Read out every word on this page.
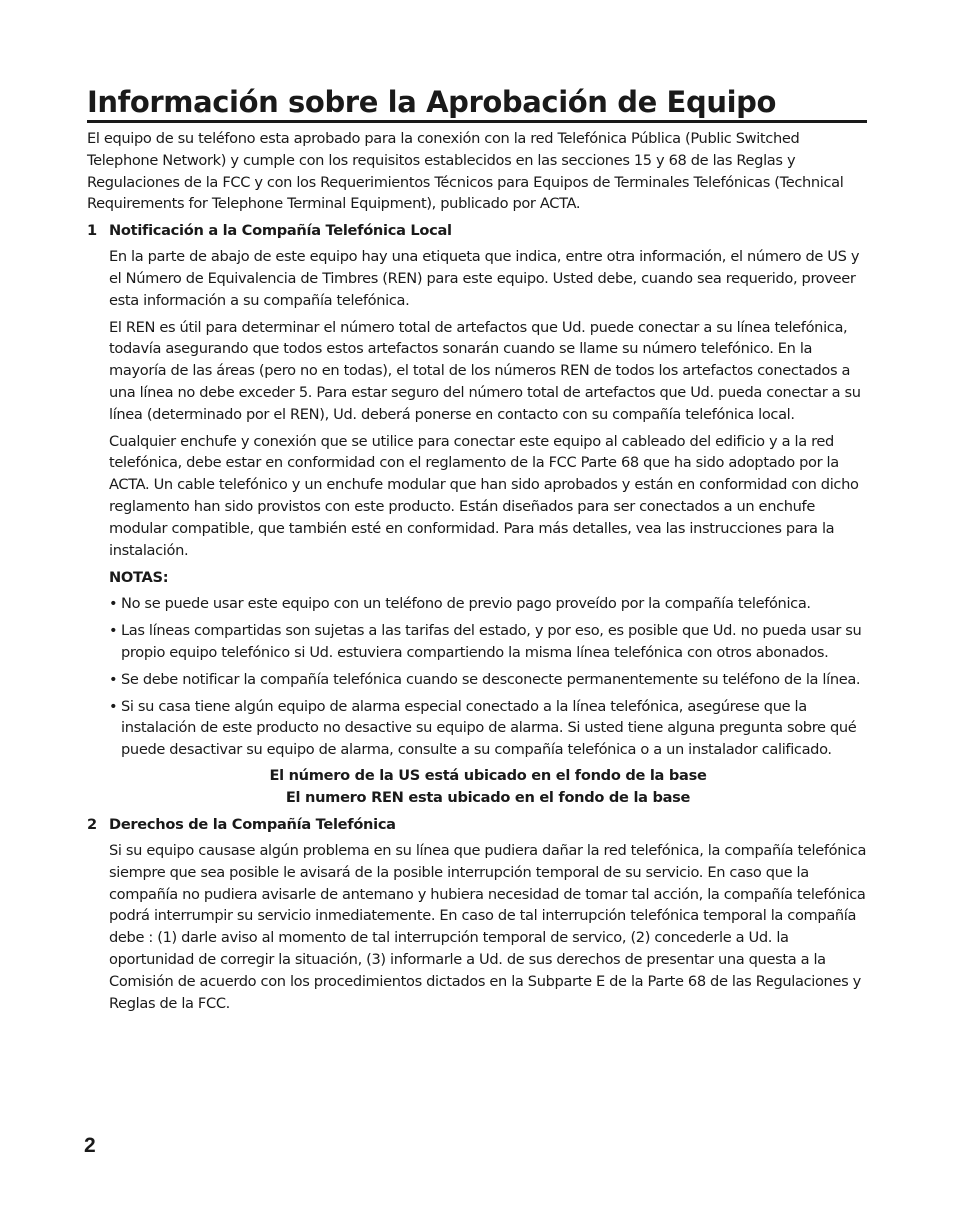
Información sobre la Aprobación de Equipo

El equipo de su teléfono esta aprobado para la conexión con la red Telefónica Pública (Public Switched Telephone Network) y cumple con los requisitos establecidos en las secciones 15 y 68 de las Reglas y Regulaciones de la FCC y con los Requerimientos Técnicos para Equipos de Terminales Telefónicas (Technical Requirements for Telephone Terminal Equipment), publicado por ACTA.

1 Notificación a la Compañía Telefónica Local

En la parte de abajo de este equipo hay una etiqueta que indica, entre otra información, el número de US y el Número de Equivalencia de Timbres (REN) para este equipo. Usted debe, cuando sea requerido, proveer esta información a su compañía telefónica.

El REN es útil para determinar el número total de artefactos que Ud. puede conectar a su línea telefónica, todavía asegurando que todos estos artefactos sonarán cuando se llame su número telefónico. En la mayoría de las áreas (pero no en todas), el total de los números REN de todos los artefactos conectados a una línea no debe exceder 5. Para estar seguro del número total de artefactos que Ud. pueda conectar a su línea (determinado por el REN), Ud. deberá ponerse en contacto con su compañía telefónica local.

Cualquier enchufe y conexión que se utilice para conectar este equipo al cableado del edificio y a la red telefónica, debe estar en conformidad con el reglamento de la FCC Parte 68 que ha sido adoptado por la ACTA. Un cable telefónico y un enchufe modular que han sido aprobados y están en conformidad con dicho reglamento han sido provistos con este producto. Están diseñados para ser conectados a un enchufe modular compatible, que también esté en conformidad. Para más detalles, vea las instrucciones para la instalación.

NOTAS:
• No se puede usar este equipo con un teléfono de previo pago proveído por la compañía telefónica.
• Las líneas compartidas son sujetas a las tarifas del estado, y por eso, es posible que Ud. no pueda usar su propio equipo telefónico si Ud. estuviera compartiendo la misma línea telefónica con otros abonados.
• Se debe notificar la compañía telefónica cuando se desconecte permanentemente su teléfono de la línea.
• Si su casa tiene algún equipo de alarma especial conectado a la línea telefónica, asegúrese que la instalación de este producto no desactive su equipo de alarma. Si usted tiene alguna pregunta sobre qué puede desactivar su equipo de alarma, consulte a su compañía telefónica o a un instalador calificado.
El número de la US está ubicado en el fondo de la base
El numero REN esta ubicado en el fondo de la base
2 Derechos de la Compañía Telefónica

Si su equipo causase algún problema en su línea que pudiera dañar la red telefónica, la compañía telefónica siempre que sea posible le avisará de la posible interrupción temporal de su servicio. En caso que la compañía no pudiera avisarle de antemano y hubiera necesidad de tomar tal acción, la compañía telefónica podrá interrumpir su servicio inmediatemente. En caso de tal interrupción telefónica temporal la compañía debe : (1) darle aviso al momento de tal interrupción temporal de servico, (2) concederle a Ud. la oportunidad de corregir la situación, (3) informarle a Ud. de sus derechos de presentar una questa a la Comisión de acuerdo con los procedimientos dictados en la Subparte E de la Parte 68 de las Regulaciones y Reglas de la FCC.

2
